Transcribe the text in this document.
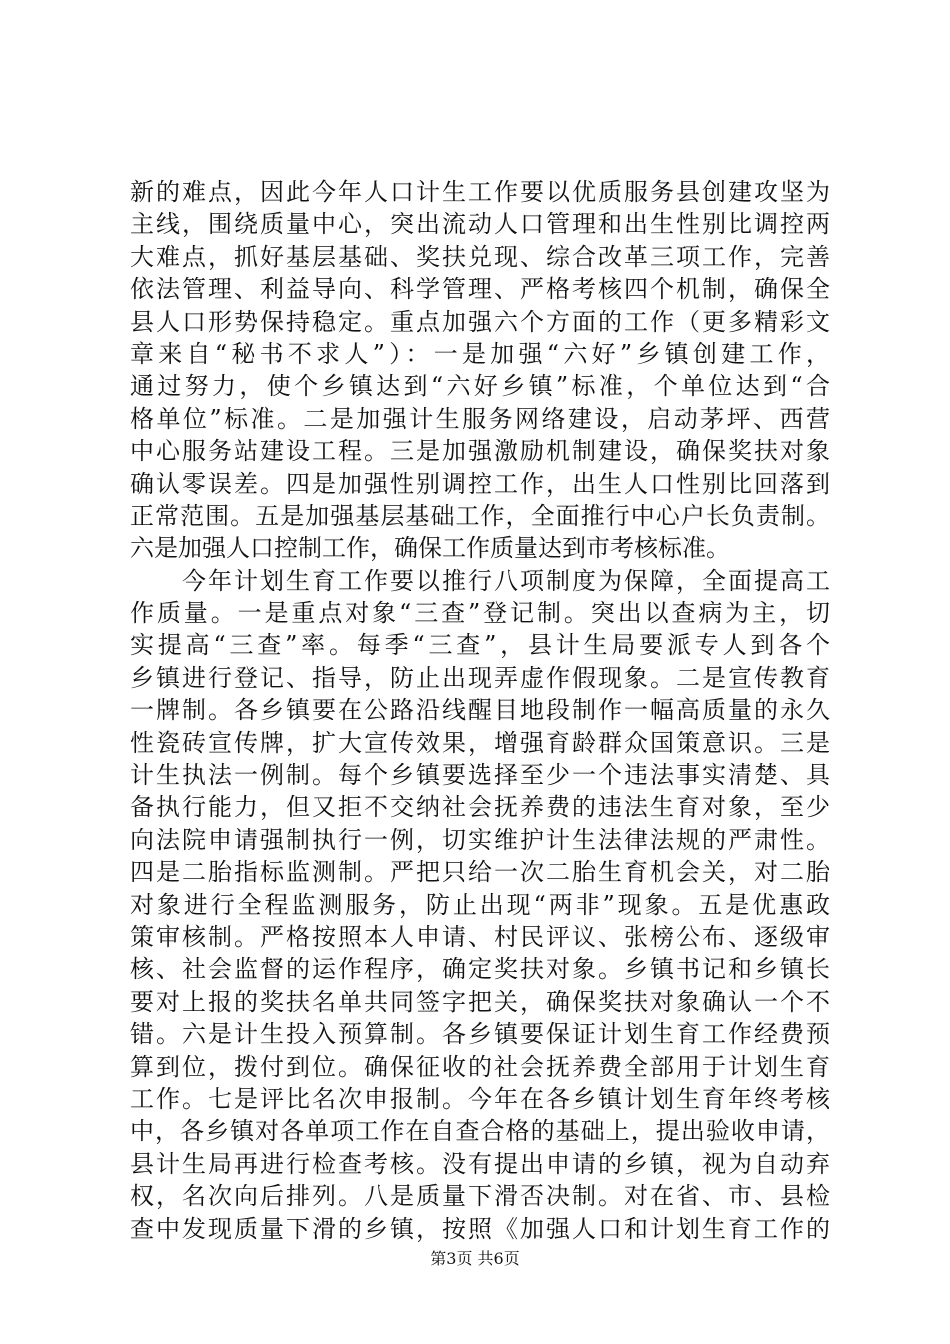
新的难点，因此今年人口计生工作要以优质服务县创建攻坚为
主线，围绕质量中心，突出流动人口管理和出生性别比调控两
大难点，抓好基层基础、奖扶兑现、综合改革三项工作，完善
依法管理、利益导向、科学管理、严格考核四个机制，确保全
县人口形势保持稳定。重点加强六个方面的工作（更多精彩文
章来自“秘书不求人”）：一是加强“六好”乡镇创建工作，
通过努力，使个乡镇达到“六好乡镇”标准，个单位达到“合
格单位”标准。二是加强计生服务网络建设，启动茅坪、西营
中心服务站建设工程。三是加强激励机制建设，确保奖扶对象
确认零误差。四是加强性别调控工作，出生人口性别比回落到
正常范围。五是加强基层基础工作，全面推行中心户长负责制。
六是加强人口控制工作，确保工作质量达到市考核标准。
　　今年计划生育工作要以推行八项制度为保障，全面提高工
作质量。一是重点对象“三查”登记制。突出以查病为主，切
实提高“三查”率。每季“三查”，县计生局要派专人到各个
乡镇进行登记、指导，防止出现弄虚作假现象。二是宣传教育
一牌制。各乡镇要在公路沿线醒目地段制作一幅高质量的永久
性瓷砖宣传牌，扩大宣传效果，增强育龄群众国策意识。三是
计生执法一例制。每个乡镇要选择至少一个违法事实清楚、具
备执行能力，但又拒不交纳社会抚养费的违法生育对象，至少
向法院申请强制执行一例，切实维护计生法律法规的严肃性。
四是二胎指标监测制。严把只给一次二胎生育机会关，对二胎
对象进行全程监测服务，防止出现“两非”现象。五是优惠政
策审核制。严格按照本人申请、村民评议、张榜公布、逐级审
核、社会监督的运作程序，确定奖扶对象。乡镇书记和乡镇长
要对上报的奖扶名单共同签字把关，确保奖扶对象确认一个不
错。六是计生投入预算制。各乡镇要保证计划生育工作经费预
算到位，拨付到位。确保征收的社会抚养费全部用于计划生育
工作。七是评比名次申报制。今年在各乡镇计划生育年终考核
中，各乡镇对各单项工作在自查合格的基础上，提出验收申请，
县计生局再进行检查考核。没有提出申请的乡镇，视为自动弃
权，名次向后排列。八是质量下滑否决制。对在省、市、县检
查中发现质量下滑的乡镇，按照《加强人口和计划生育工作的
第3页 共6页
